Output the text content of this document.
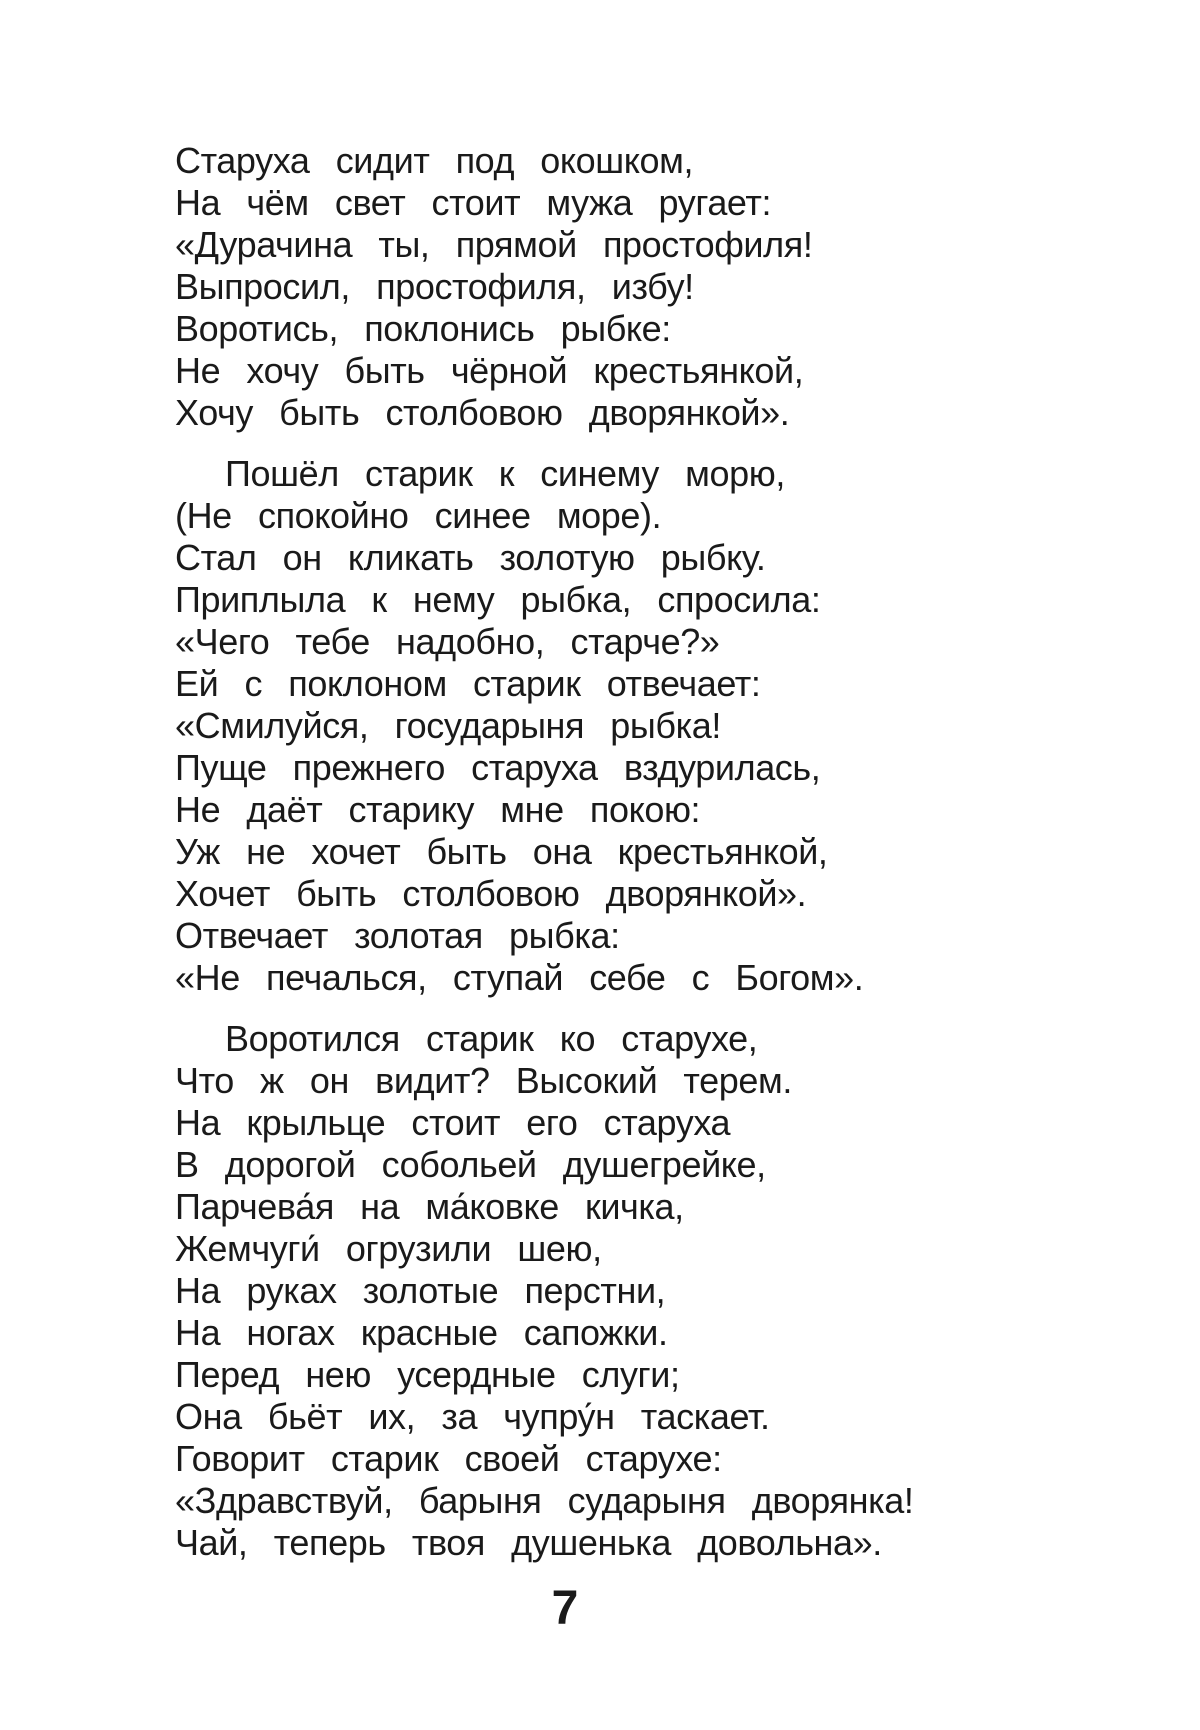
Старуха сидит под окошком,
На чём свет стоит мужа ругает:
«Дурачина ты, прямой простофиля!
Выпросил, простофиля, избу!
Воротись, поклонись рыбке:
Не хочу быть чёрной крестьянкой,
Хочу быть столбовою дворянкой».
Пошёл старик к синему морю,
(Не спокойно синее море).
Стал он кликать золотую рыбку.
Приплыла к нему рыбка, спросила:
«Чего тебе надобно, старче?»
Ей с поклоном старик отвечает:
«Смилуйся, государыня рыбка!
Пуще прежнего старуха вздурилась,
Не даёт старику мне покою:
Уж не хочет быть она крестьянкой,
Хочет быть столбовою дворянкой».
Отвечает золотая рыбка:
«Не печалься, ступай себе с Богом».
Воротился старик ко старухе,
Что ж он видит? Высокий терем.
На крыльце стоит его старуха
В дорогой собольей душегрейке,
Парчева́я на ма́ковке кичка,
Жемчуги́ огрузили шею,
На руках золотые перстни,
На ногах красные сапожки.
Перед нею усердные слуги;
Она бьёт их, за чупру́н таскает.
Говорит старик своей старухе:
«Здравствуй, барыня сударыня дворянка!
Чай, теперь твоя душенька довольна».
7
